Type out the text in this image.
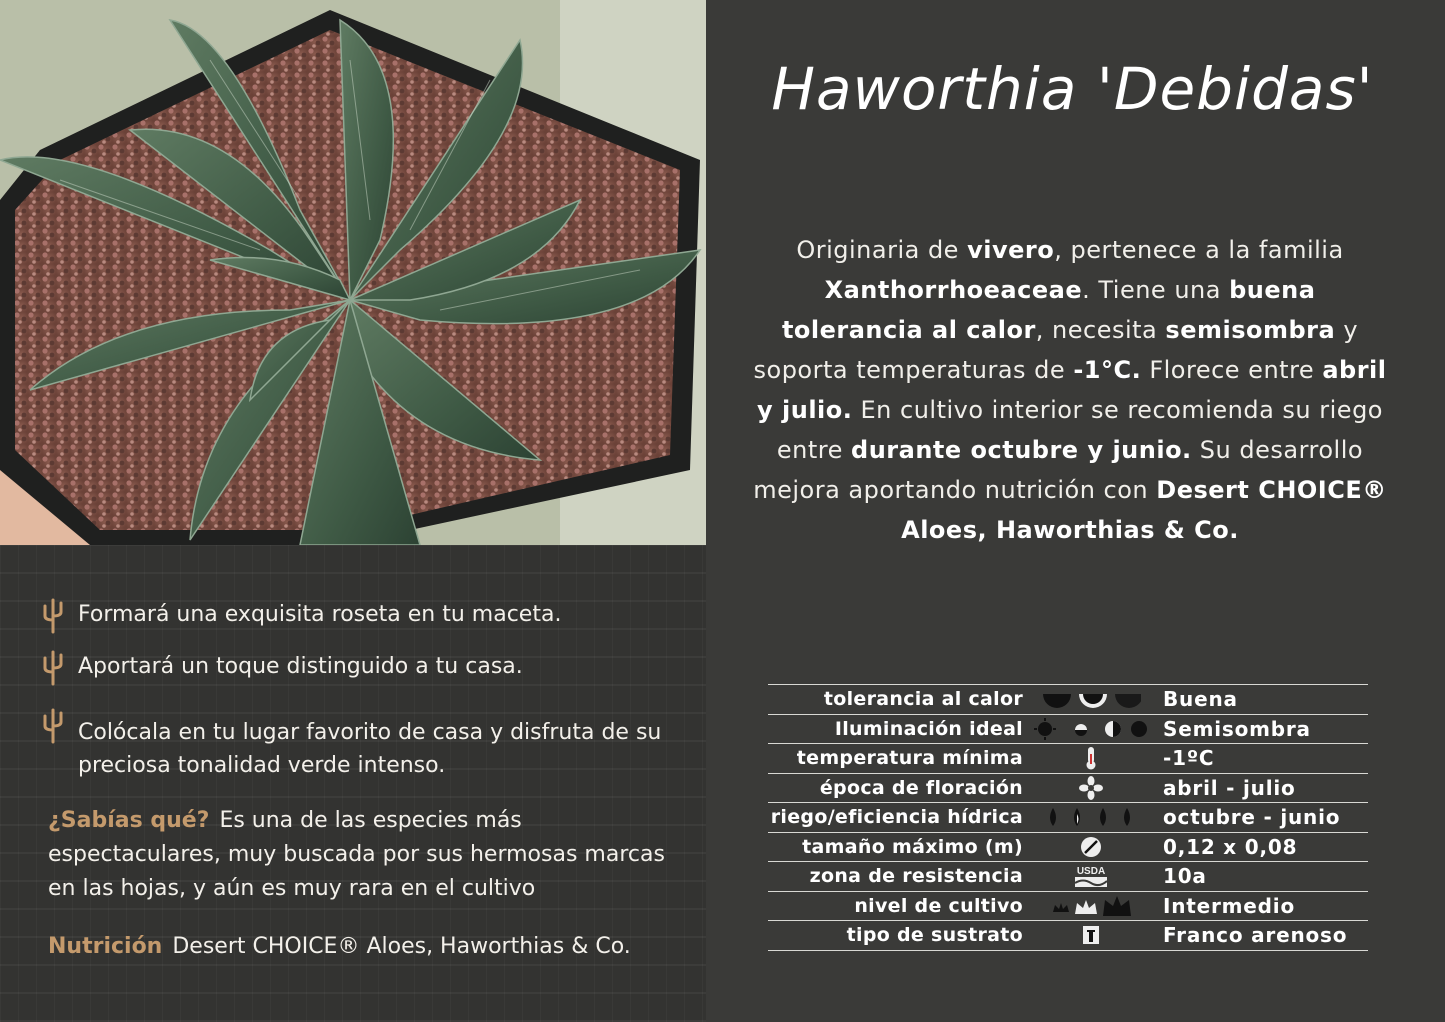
Formará una exquisita roseta en tu maceta.
Aportará un toque distinguido a tu casa.
Colócala en tu lugar favorito de casa y disfruta de su preciosa tonalidad verde intenso.
¿Sabías qué? Es una de las especies más espectaculares, muy buscada por sus hermosas marcas en las hojas, y aún es muy rara en el cultivo
Nutrición Desert CHOICE® Aloes, Haworthias & Co.
Haworthia 'Debidas'
Originaria de vivero, pertenece a la familia Xanthorrhoeaceae. Tiene una buena tolerancia al calor, necesita semisombra y soporta temperaturas de -1°C. Florece entre abril y julio. En cultivo interior se recomienda su riego entre durante octubre y junio. Su desarrollo mejora aportando nutrición con Desert CHOICE® Aloes, Haworthias & Co.
tolerancia al calor		Buena
Iluminación ideal		Semisombra
temperatura mínima		-1ºC
época de floración		abril - julio
riego/eficiencia hídrica		octubre - junio
tamaño máximo (m)		0,12 x 0,08
zona de resistencia	USDA	10a
nivel de cultivo		Intermedio
tipo de sustrato		Franco arenoso
